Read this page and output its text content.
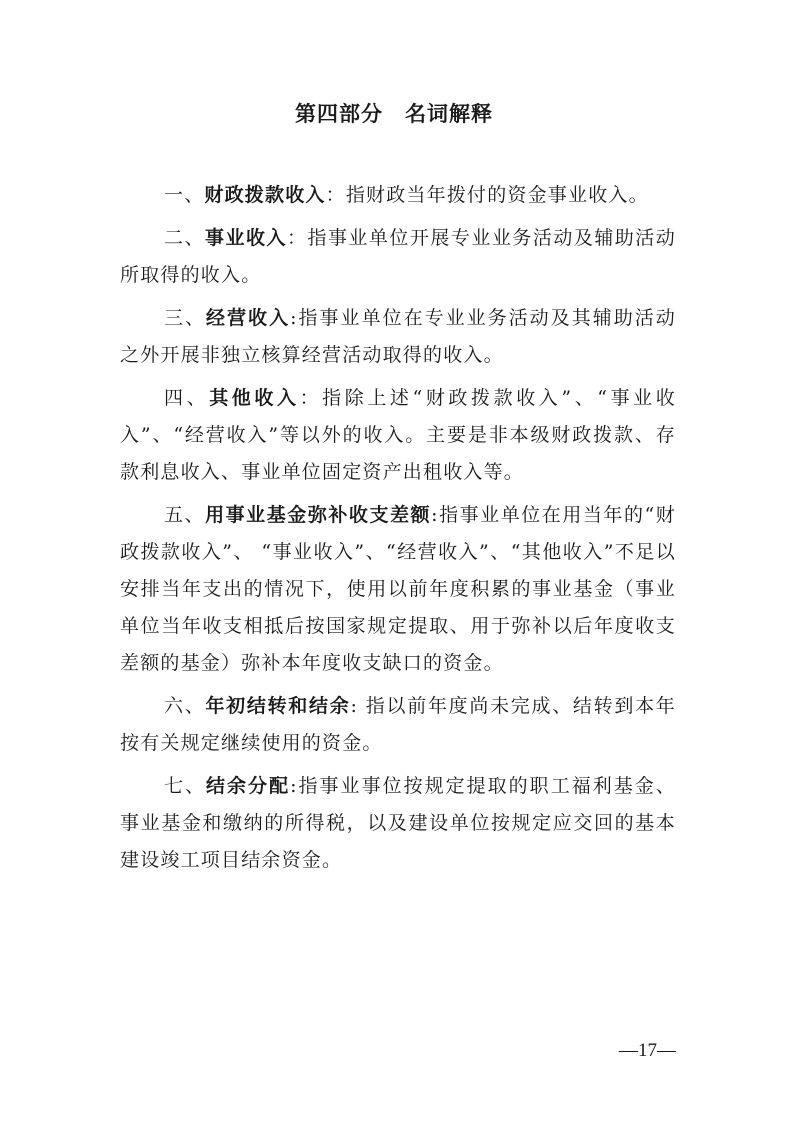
第四部分 名词解释

一、财政拨款收入：指财政当年拨付的资金事业收入。

二、事业收入：指事业单位开展专业业务活动及辅助活动所取得的收入。

三、经营收入:指事业单位在专业业务活动及其辅助活动之外开展非独立核算经营活动取得的收入。

四、其他收入：指除上述“财政拨款收入”、“事业收入”、“经营收入”等以外的收入。主要是非本级财政拨款、存款利息收入、事业单位固定资产出租收入等。

五、用事业基金弥补收支差额:指事业单位在用当年的“财政拨款收入”、 “事业收入”、“经营收入”、“其他收入”不足以安排当年支出的情况下，使用以前年度积累的事业基金（事业单位当年收支相抵后按国家规定提取、用于弥补以后年度收支差额的基金）弥补本年度收支缺口的资金。

六、年初结转和结余: 指以前年度尚未完成、结转到本年按有关规定继续使用的资金。

七、结余分配:指事业事位按规定提取的职工福利基金、事业基金和缴纳的所得税，以及建设单位按规定应交回的基本建设竣工项目结余资金。

—17—
